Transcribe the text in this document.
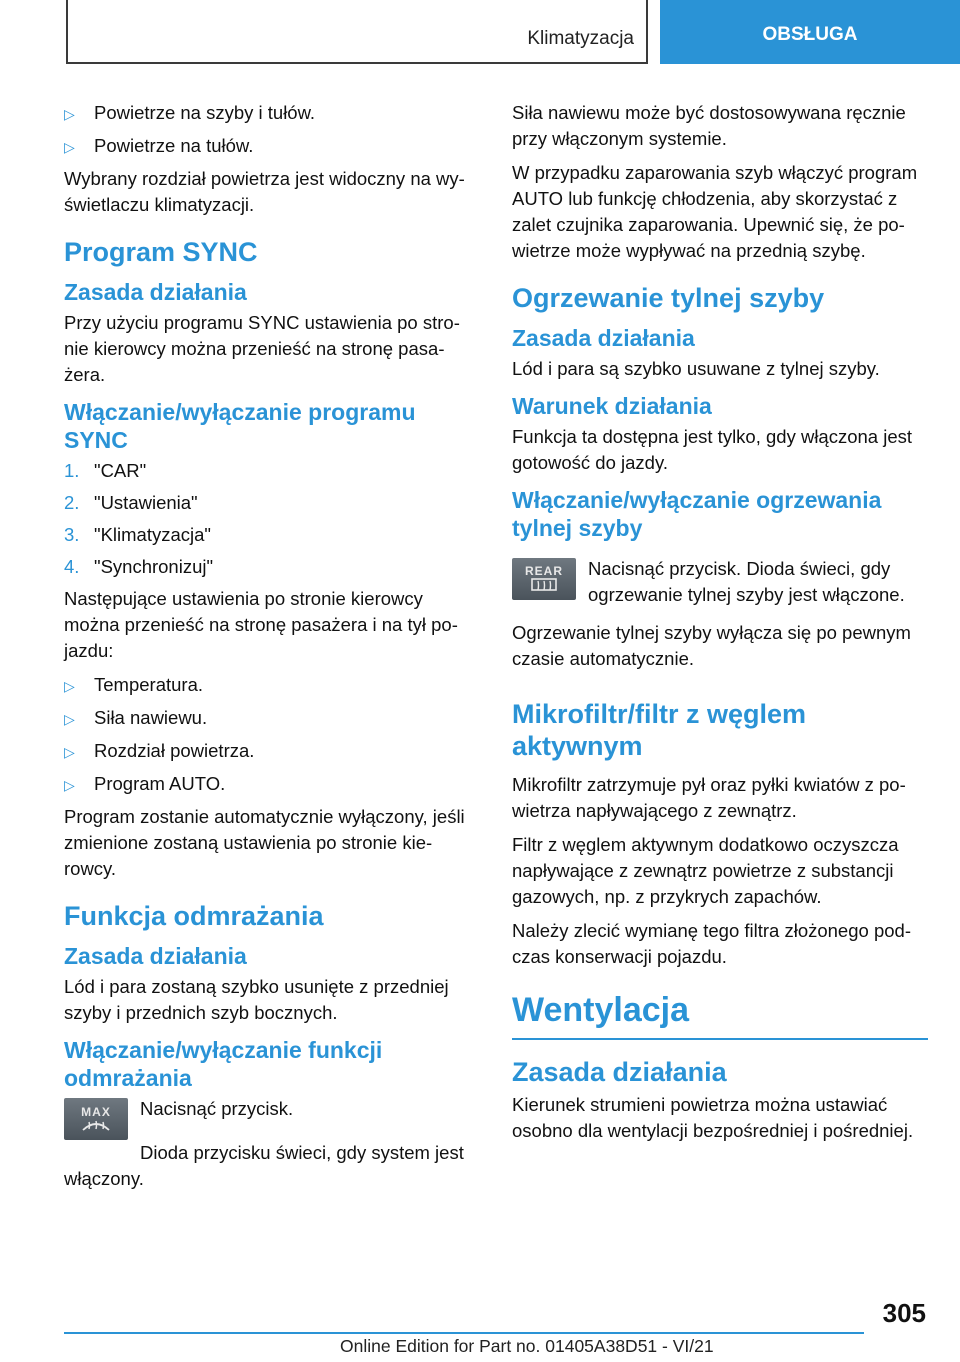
Klimatyzacja	OBSŁUGA
▷	Powietrze na szyby i tułów.
▷	Powietrze na tułów.

Wybrany rozdział powietrza jest widoczny na wyświetlaczu klimatyzacji.

Program SYNC
Zasada działania

Przy użyciu programu SYNC ustawienia po stronie kierowcy można przenieść na stronę pasażera.

Włączanie/wyłączanie programu SYNC
1. "CAR"
2. "Ustawienia"
3. "Klimatyzacja"
4. "Synchronizuj"

Następujące ustawienia po stronie kierowcy można przenieść na stronę pasażera i na tył pojazdu:

▷	Temperatura.
▷	Siła nawiewu.
▷	Rozdział powietrza.
▷	Program AUTO.

Program zostanie automatycznie wyłączony, jeśli zmienione zostaną ustawienia po stronie kierowcy.

Funkcja odmrażania
Zasada działania

Lód i para zostaną szybko usunięte z przedniej szyby i przednich szyb bocznych.

Włączanie/wyłączanie funkcji odmrażania
MAX Nacisnąć przycisk.

Dioda przycisku świeci, gdy system jest włączony.

Siła nawiewu może być dostosowywana ręcznie przy włączonym systemie.

W przypadku zaparowania szyb włączyć program AUTO lub funkcję chłodzenia, aby skorzystać z zalet czujnika zaparowania. Upewnić się, że powietrze może wypływać na przednią szybę.

Ogrzewanie tylnej szyby
Zasada działania

Lód i para są szybko usuwane z tylnej szyby.

Warunek działania

Funkcja ta dostępna jest tylko, gdy włączona jest gotowość do jazdy.

Włączanie/wyłączanie ogrzewania tylnej szyby
REAR Nacisnąć przycisk. Dioda świeci, gdy ogrzewanie tylnej szyby jest włączone.

Ogrzewanie tylnej szyby wyłącza się po pewnym czasie automatycznie.

Mikrofiltr/filtr z węglem aktywnym

Mikrofiltr zatrzymuje pył oraz pyłki kwiatów z powietrza napływającego z zewnątrz.

Filtr z węglem aktywnym dodatkowo oczyszcza napływające z zewnątrz powietrze z substancji gazowych, np. z przykrych zapachów.

Należy zlecić wymianę tego filtra złożonego podczas konserwacji pojazdu.

Wentylacja
Zasada działania

Kierunek strumieni powietrza można ustawiać osobno dla wentylacji bezpośredniej i pośredniej.

305
Online Edition for Part no. 01405A38D51 - VI/21
